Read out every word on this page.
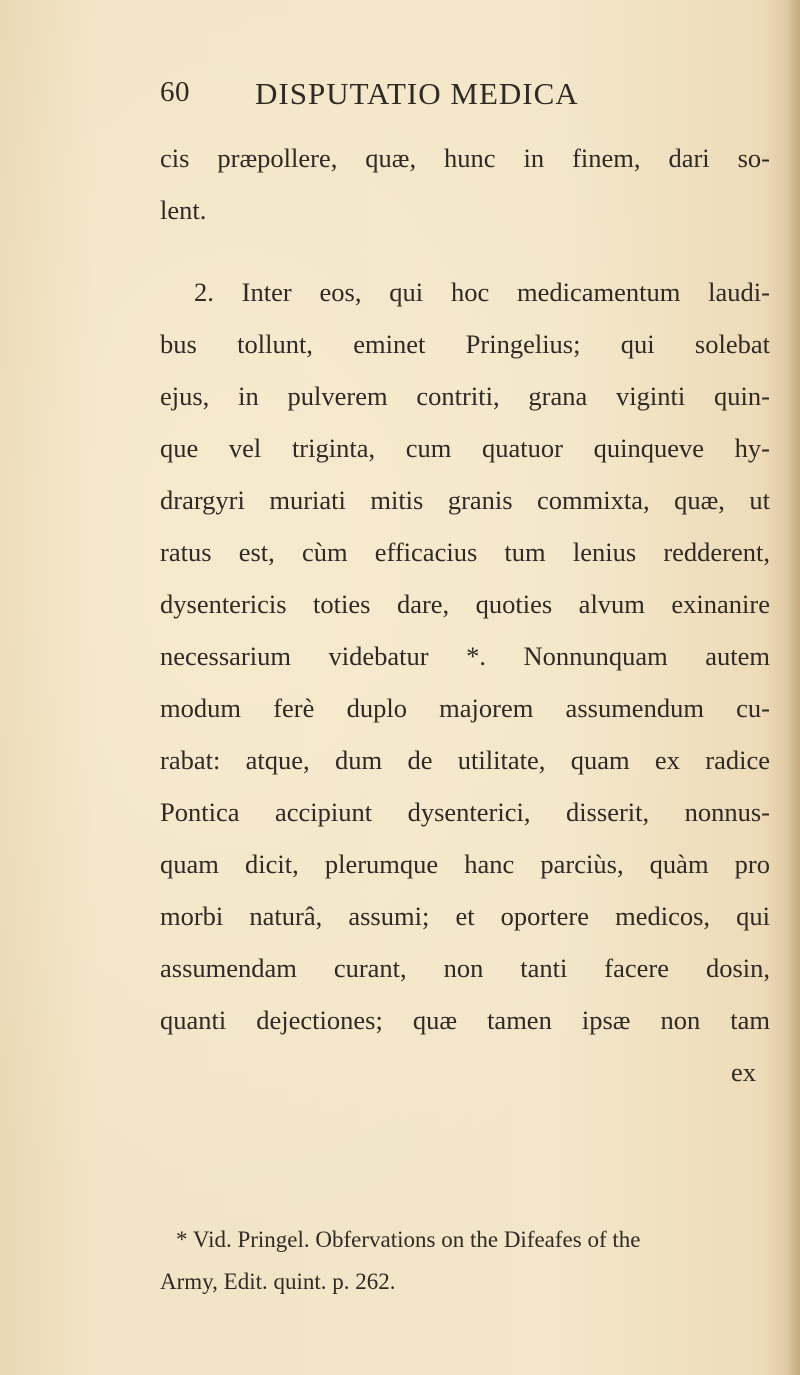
60 DISPUTATIO MEDICA
cis præpollere, quæ, hunc in finem, dari so-
lent.
2. Inter eos, qui hoc medicamentum laudi-
bus tollunt, eminet Pringelius; qui solebat
ejus, in pulverem contriti, grana viginti quin-
que vel triginta, cum quatuor quinqueve hy-
drargyri muriati mitis granis commixta, quæ, ut
ratus est, cùm efficacius tum lenius redderent,
dysentericis toties dare, quoties alvum exinanire
necessarium videbatur *. Nonnunquam autem
modum ferè duplo majorem assumendum cu-
rabat: atque, dum de utilitate, quam ex radice
Pontica accipiunt dysenterici, disserit, nonnus-
quam dicit, plerumque hanc parciùs, quàm pro
morbi naturâ, assumi; et oportere medicos, qui
assumendam curant, non tanti facere dosin,
quanti dejectiones; quæ tamen ipsæ non tam
ex
* Vid. Pringel. Obfervations on the Difeafes of the
Army, Edit. quint. p. 262.
